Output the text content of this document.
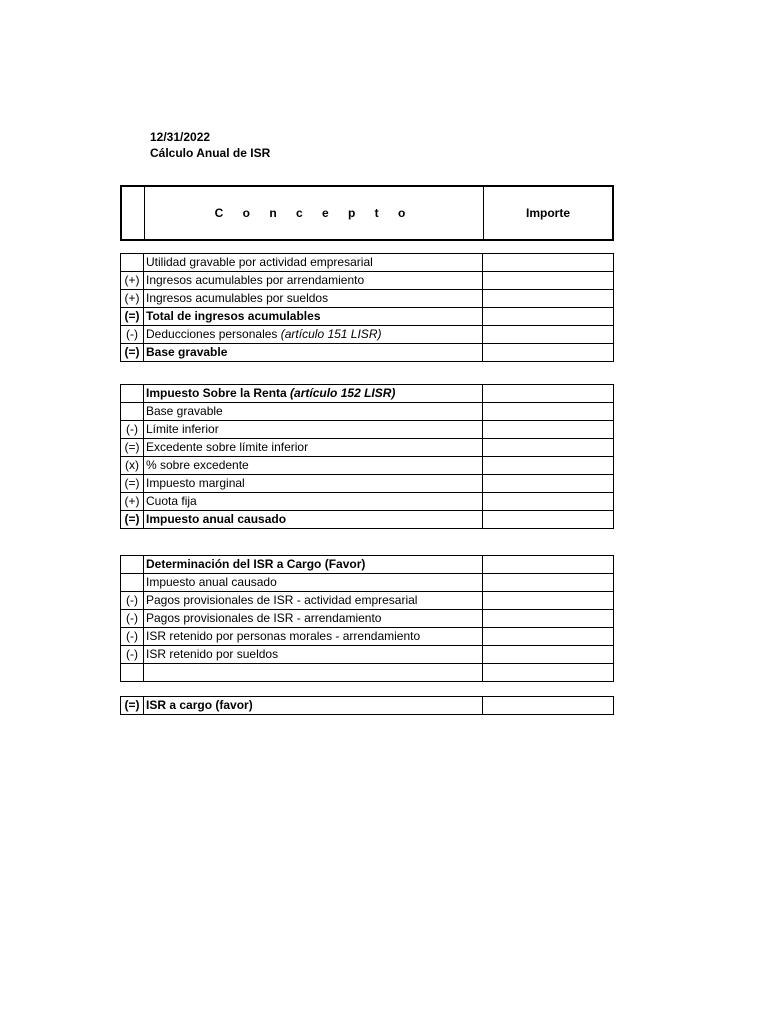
12/31/2022
Cálculo Anual de ISR
	C o n c e p t o	Importe
	Utilidad gravable por actividad empresarial	
(+)	Ingresos acumulables por arrendamiento	
(+)	Ingresos acumulables por sueldos	
(=)	Total de ingresos acumulables	
(-)	Deducciones personales (artículo 151 LISR)	
(=)	Base gravable	
	Impuesto Sobre la Renta (artículo 152 LISR)	
	Base gravable	
(-)	Límite inferior	
(=)	Excedente sobre límite inferior	
(x)	% sobre excedente	
(=)	Impuesto marginal	
(+)	Cuota fija	
(=)	Impuesto anual causado	
	Determinación del ISR a Cargo (Favor)	
	Impuesto anual causado	
(-)	Pagos provisionales de ISR - actividad empresarial	
(-)	Pagos provisionales de ISR - arrendamiento	
(-)	ISR retenido por personas morales - arrendamiento	
(-)	ISR retenido por sueldos	

(=)	ISR a cargo (favor)	
